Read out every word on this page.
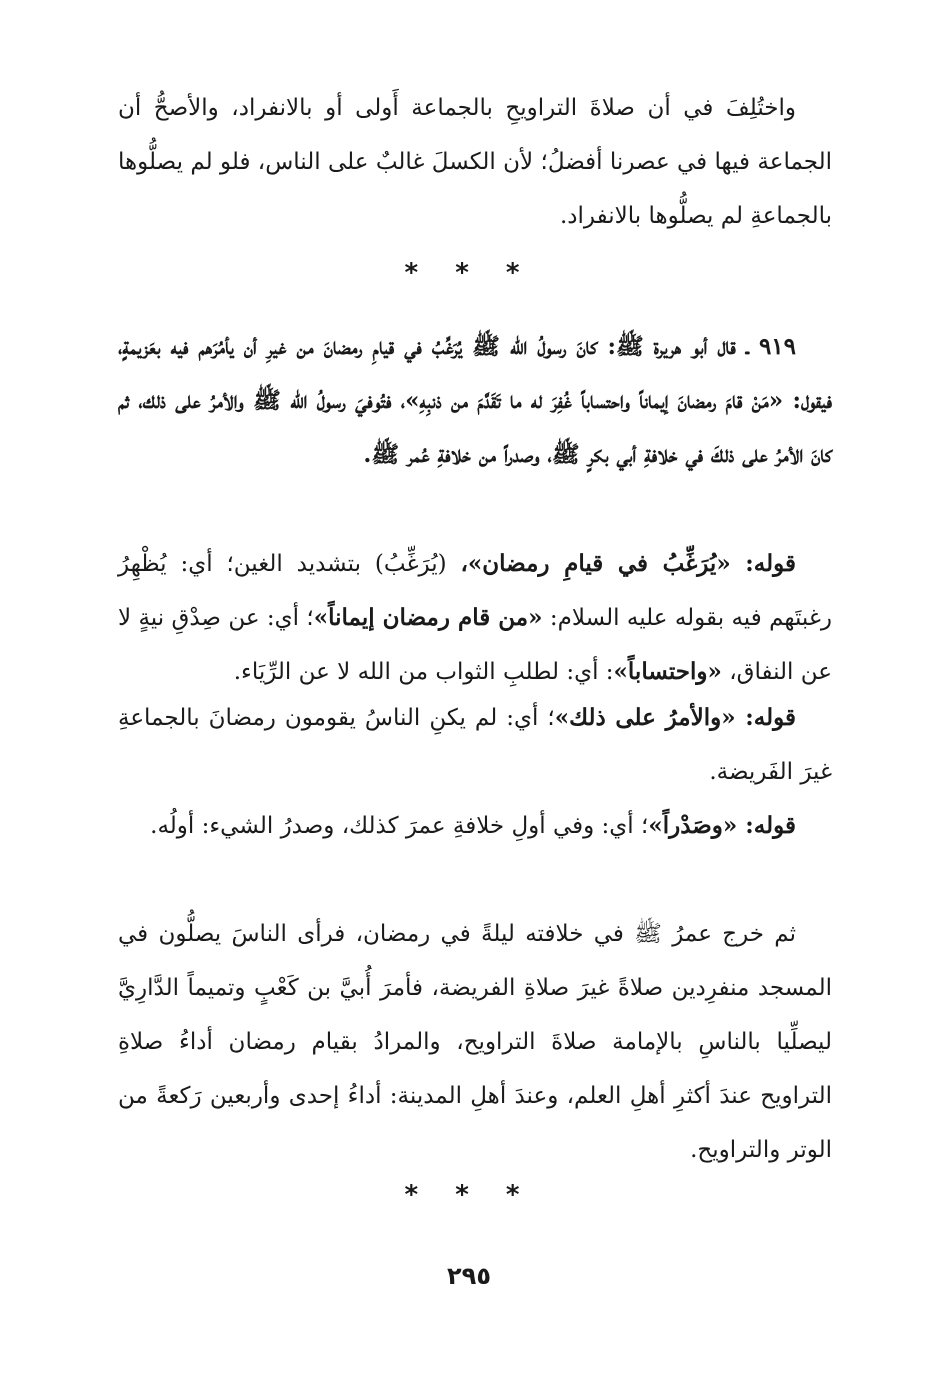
واختُلِفَ في أن صلاةَ التراويحِ بالجماعة أَولى أو بالانفراد، والأصحُّ أن الجماعة فيها في عصرنا أفضلُ؛ لأن الكسلَ غالبٌ على الناس، فلو لم يصلُّوها بالجماعةِ لم يصلُّوها بالانفراد.

* * *

٩١٩ ـ قال أبو هريرة ﷺ: كانَ رسولُ الله ﷺ يُرَغِّبُ في قيامِ رمضانَ من غيرِ أن يأمُرَهم فيه بعَزيمةٍ، فيقول: «مَنْ قامَ رمضانَ إيماناً واحتساباً غُفِرَ له ما تَقَدَّمَ من ذنبِهِ»، فتُوفيَ رسولُ الله ﷺ والأمرُ على ذلك، ثم كانَ الأمرُ على ذلكَ في خلافةِ أبي بكرٍ ﷺ، وصدراً من خلافةِ عُمر ﷺ.

قوله: «يُرَغِّبُ في قيامِ رمضان»، (يُرَغِّبُ) بتشديد الغين؛ أي: يُظْهِرُ رغبتَهم فيه بقوله عليه السلام: «من قام رمضان إيماناً»؛ أي: عن صِدْقِ نيةٍ لا عن النفاق، «واحتساباً»: أي: لطلبِ الثواب من الله لا عن الرِّيَاء.

قوله: «والأمرُ على ذلك»؛ أي: لم يكنِ الناسُ يقومون رمضانَ بالجماعةِ غيرَ الفَريضة.

قوله: «وصَدْراً»؛ أي: وفي أولِ خلافةِ عمرَ كذلك، وصدرُ الشيء: أولُه.

ثم خرج عمرُ ﷺ في خلافته ليلةً في رمضان، فرأى الناسَ يصلُّون في المسجد منفرِدين صلاةً غيرَ صلاةِ الفريضة، فأمرَ أُبيَّ بن كَعْبٍ وتميماً الدَّارِيَّ ليصلِّيا بالناسِ بالإمامة صلاةَ التراويح، والمرادُ بقيام رمضان أداءُ صلاةِ التراويح عندَ أكثرِ أهلِ العلم، وعندَ أهلِ المدينة: أداءُ إحدى وأربعين رَكعةً من الوتر والتراويح.

* * *
٢٩٥
